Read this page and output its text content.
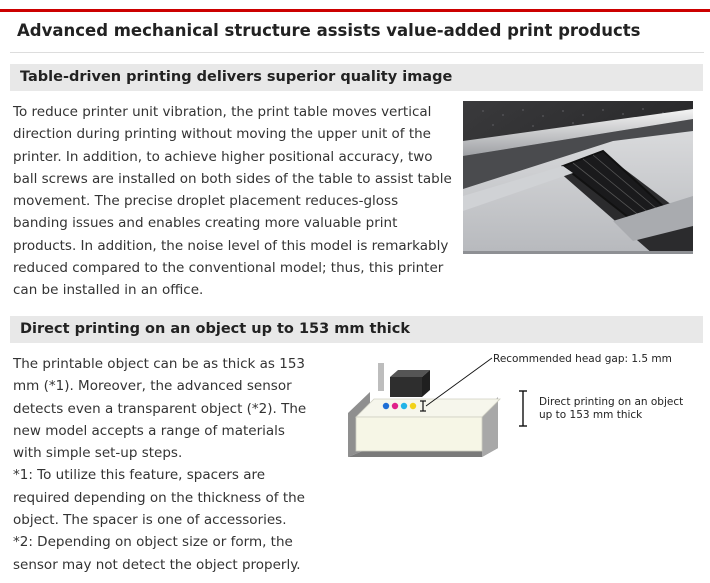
Advanced mechanical structure assists value-added print products
Table-driven printing delivers superior quality image

To reduce printer unit vibration, the print table moves vertical direction during printing without moving the upper unit of the printer. In addition, to achieve higher positional accuracy, two ball screws are installed on both sides of the table to assist table movement. The precise droplet placement reduces-gloss banding issues and enables creating more valuable print products. In addition, the noise level of this model is remarkably reduced compared to the conventional model; thus, this printer can be installed in an office.

Direct printing on an object up to 153 mm thick

The printable object can be as thick as 153 mm (*1). Moreover, the advanced sensor detects even a transparent object (*2). The new model accepts a range of materials with simple set-up steps.
*1: To utilize this feature, spacers are required depending on the thickness of the object. The spacer is one of accessories.
*2: Depending on object size or form, the sensor may not detect the object properly.

Recommended head gap: 1.5 mm
Direct printing on an object
up to 153 mm thick
